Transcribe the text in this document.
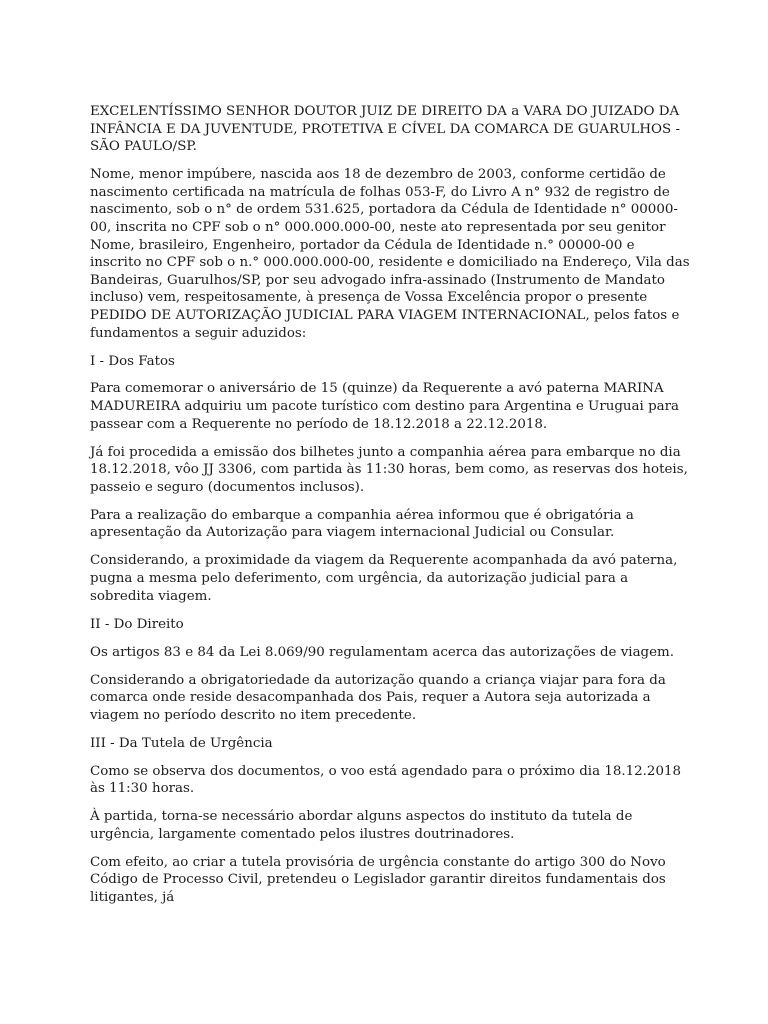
EXCELENTÍSSIMO SENHOR DOUTOR JUIZ DE DIREITO DA a VARA DO JUIZADO DA INFÂNCIA E DA JUVENTUDE, PROTETIVA E CÍVEL DA COMARCA DE GUARULHOS - SÃO PAULO/SP.

Nome, menor impúbere, nascida aos 18 de dezembro de 2003, conforme certidão de nascimento certificada na matrícula de folhas 053-F, do Livro A n° 932 de registro de nascimento, sob o n° de ordem 531.625, portadora da Cédula de Identidade n° 00000-00, inscrita no CPF sob o n° 000.000.000-00, neste ato representada por seu genitor Nome, brasileiro, Engenheiro, portador da Cédula de Identidade n.° 00000-00 e inscrito no CPF sob o n.° 000.000.000-00, residente e domiciliado na Endereço, Vila das Bandeiras, Guarulhos/SP, por seu advogado infra-assinado (Instrumento de Mandato incluso) vem, respeitosamente, à presença de Vossa Excelência propor o presente PEDIDO DE AUTORIZAÇÃO JUDICIAL PARA VIAGEM INTERNACIONAL, pelos fatos e fundamentos a seguir aduzidos:

I - Dos Fatos

Para comemorar o aniversário de 15 (quinze) da Requerente a avó paterna MARINA MADUREIRA adquiriu um pacote turístico com destino para Argentina e Uruguai para passear com a Requerente no período de 18.12.2018 a 22.12.2018.

Já foi procedida a emissão dos bilhetes junto a companhia aérea para embarque no dia 18.12.2018, vôo JJ 3306, com partida às 11:30 horas, bem como, as reservas dos hoteis, passeio e seguro (documentos inclusos).

Para a realização do embarque a companhia aérea informou que é obrigatória a apresentação da Autorização para viagem internacional Judicial ou Consular.

Considerando, a proximidade da viagem da Requerente acompanhada da avó paterna, pugna a mesma pelo deferimento, com urgência, da autorização judicial para a sobredita viagem.

II - Do Direito

Os artigos 83 e 84 da Lei 8.069/90 regulamentam acerca das autorizações de viagem.

Considerando a obrigatoriedade da autorização quando a criança viajar para fora da comarca onde reside desacompanhada dos Pais, requer a Autora seja autorizada a viagem no período descrito no item precedente.

III - Da Tutela de Urgência

Como se observa dos documentos, o voo está agendado para o próximo dia 18.12.2018 às 11:30 horas.

À partida, torna-se necessário abordar alguns aspectos do instituto da tutela de urgência, largamente comentado pelos ilustres doutrinadores.

Com efeito, ao criar a tutela provisória de urgência constante do artigo 300 do Novo Código de Processo Civil, pretendeu o Legislador garantir direitos fundamentais dos litigantes, já
